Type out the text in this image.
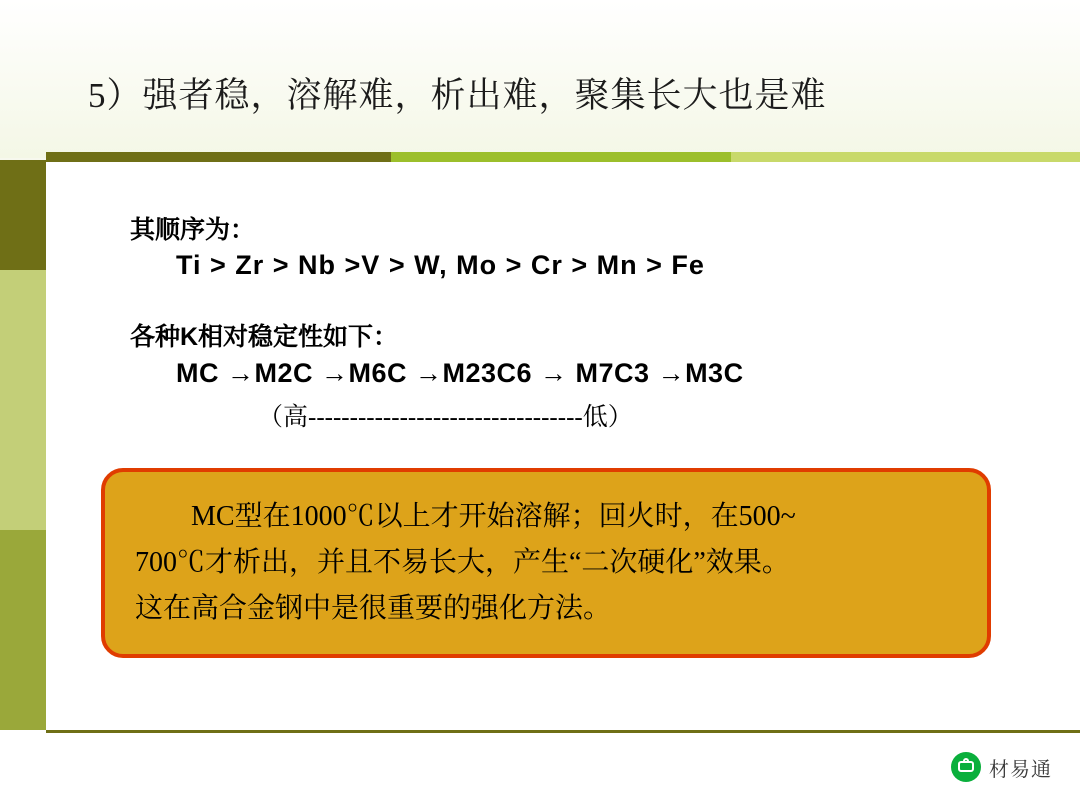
5）强者稳，溶解难，析出难，聚集长大也是难
其顺序为：
Ti > Zr > Nb >V > W, Mo > Cr > Mn > Fe
各种K相对稳定性如下：
MC →M2C →M6C →M23C6 → M7C3 →M3C
（高---------------------------------低）

MC型在1000℃以上才开始溶解；回火时，在500~

700℃才析出，并且不易长大，产生“二次硬化”效果。

这在高合金钢中是很重要的强化方法。

材易通
